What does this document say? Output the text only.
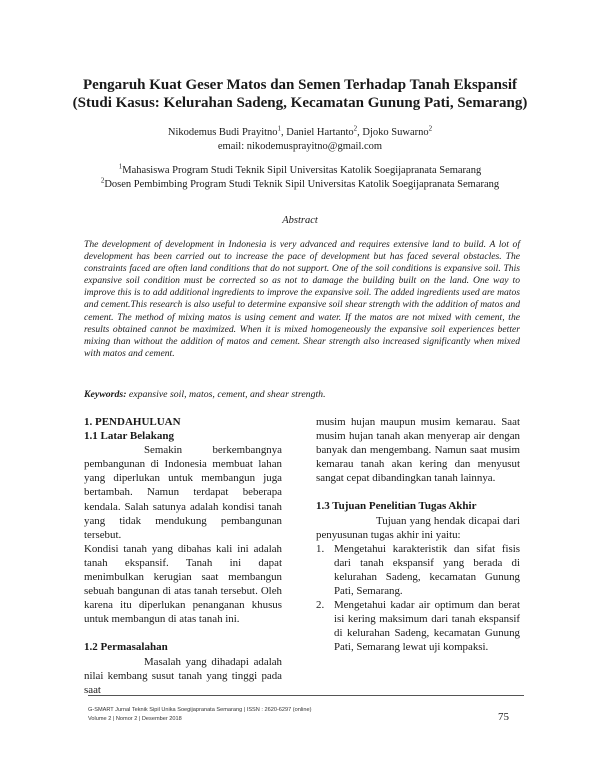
Pengaruh Kuat Geser Matos dan Semen Terhadap Tanah Ekspansif
(Studi Kasus: Kelurahan Sadeng, Kecamatan Gunung Pati, Semarang)
Nikodemus Budi Prayitno$^1$, Daniel Hartanto$^2$, Djoko Suwarno$^2$
email: nikodemusprayitno@gmail.com
$^1$Mahasiswa Program Studi Teknik Sipil Universitas Katolik Soegijapranata Semarang
$^2$Dosen Pembimbing Program Studi Teknik Sipil Universitas Katolik Soegijapranata Semarang
Abstract
The development of development in Indonesia is very advanced and requires extensive land to build. A lot of development has been carried out to increase the pace of development but has faced several obstacles. The constraints faced are often land conditions that do not support. One of the soil conditions is expansive soil. This expansive soil condition must be corrected so as not to damage the building built on the land. One way to improve this is to add additional ingredients to improve the expansive soil. The added ingredients used are matos and cement.This research is also useful to determine expansive soil shear strength with the addition of matos and cement. The method of mixing matos is using cement and water. If the matos are not mixed with cement, the results obtained cannot be maximized. When it is mixed homogeneously the expansive soil experiences better mixing than without the addition of matos and cement. Shear strength also increased significantly when mixed with matos and cement.
Keywords: expansive soil, matos, cement, and shear strength.
1. PENDAHULUAN
1.1 Latar Belakang

Semakin berkembangnya pembangunan di Indonesia membuat lahan yang diperlukan untuk membangun juga bertambah. Namun terdapat beberapa kendala. Salah satunya adalah kondisi tanah yang tidak mendukung pembangunan tersebut.

Kondisi tanah yang dibahas kali ini adalah tanah ekspansif. Tanah ini dapat menimbulkan kerugian saat membangun sebuah bangunan di atas tanah tersebut. Oleh karena itu diperlukan penanganan khusus untuk membangun di atas tanah ini.

1.2 Permasalahan

Masalah yang dihadapi adalah nilai kembang susut tanah yang tinggi pada saat

musim hujan maupun musim kemarau. Saat musim hujan tanah akan menyerap air dengan banyak dan mengembang. Namun saat musim kemarau tanah akan kering dan menyusut sangat cepat dibandingkan tanah lainnya.

1.3 Tujuan Penelitian Tugas Akhir

Tujuan yang hendak dicapai dari penyusunan tugas akhir ini yaitu:

1. Mengetahui karakteristik dan sifat fisis dari tanah ekspansif yang berada di kelurahan Sadeng, kecamatan Gunung Pati, Semarang.
2. Mengetahui kadar air optimum dan berat isi kering maksimum dari tanah ekspansif di kelurahan Sadeng, kecamatan Gunung Pati, Semarang lewat uji kompaksi.
G-SMART Jurnal Teknik Sipil Unika Soegijapranata Semarang | ISSN : 2620-6297 (online)
Volume 2 | Nomor 2 | Desember 2018	75
